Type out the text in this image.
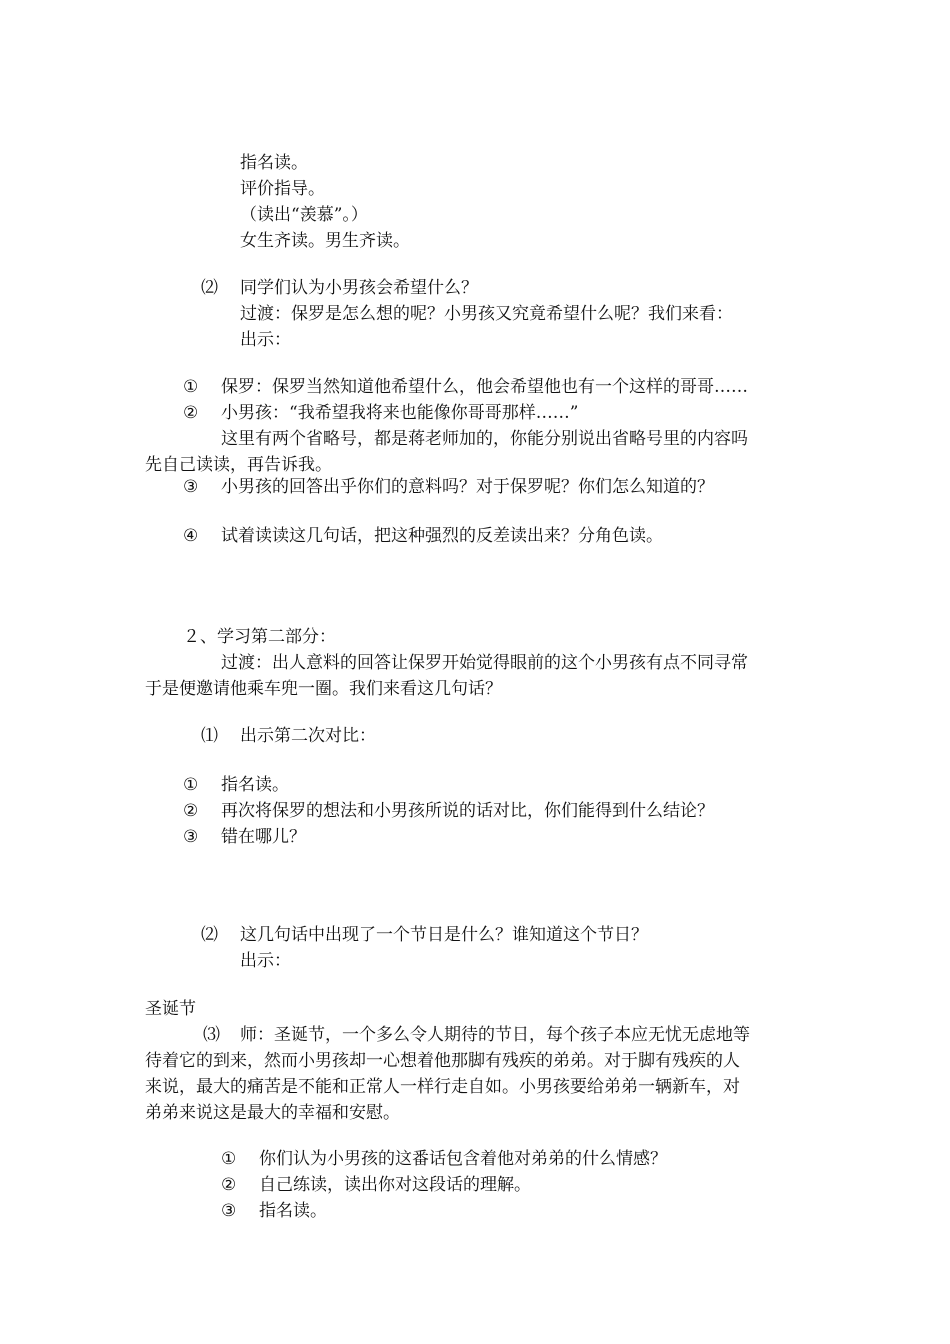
指名读。

评价指导。

（读出“羡慕”。）

女生齐读。男生齐读。

⑵ 同学们认为小男孩会希望什么？

过渡：保罗是怎么想的呢？小男孩又究竟希望什么呢？我们来看：

出示：

① 保罗：保罗当然知道他希望什么，他会希望他也有一个这样的哥哥……

② 小男孩：“我希望我将来也能像你哥哥那样……”

这里有两个省略号，都是蒋老师加的，你能分别说出省略号里的内容吗

先自己读读，再告诉我。

③ 小男孩的回答出乎你们的意料吗？对于保罗呢？你们怎么知道的？

④ 试着读读这几句话，把这种强烈的反差读出来？分角色读。

２、学习第二部分：

过渡：出人意料的回答让保罗开始觉得眼前的这个小男孩有点不同寻常

于是便邀请他乘车兜一圈。我们来看这几句话？

⑴ 出示第二次对比：

① 指名读。

② 再次将保罗的想法和小男孩所说的话对比，你们能得到什么结论？

③ 错在哪儿？

⑵ 这几句话中出现了一个节日是什么？谁知道这个节日？

出示：

圣诞节

⑶ 师：圣诞节，一个多么令人期待的节日，每个孩子本应无忧无虑地等

待着它的到来，然而小男孩却一心想着他那脚有残疾的弟弟。对于脚有残疾的人

来说，最大的痛苦是不能和正常人一样行走自如。小男孩要给弟弟一辆新车，对

弟弟来说这是最大的幸福和安慰。

① 你们认为小男孩的这番话包含着他对弟弟的什么情感？

② 自己练读，读出你对这段话的理解。

③ 指名读。
